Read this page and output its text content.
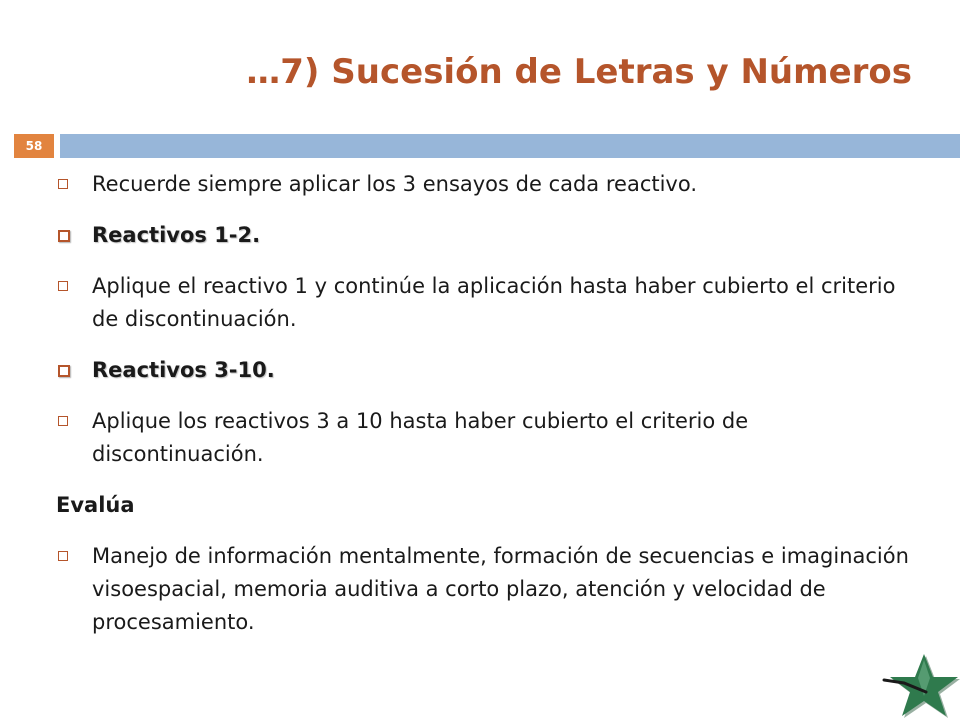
…7) Sucesión de Letras y Números
58
Recuerde siempre aplicar los 3 ensayos de cada reactivo.
Reactivos 1-2.
Aplique el reactivo 1 y continúe la aplicación hasta haber cubierto el criterio de discontinuación.
Reactivos 3-10.
Aplique los reactivos 3 a 10 hasta haber cubierto el criterio de discontinuación.
Evalúa
Manejo de información mentalmente, formación de secuencias e imaginación visoespacial, memoria auditiva a corto plazo, atención y velocidad de procesamiento.
